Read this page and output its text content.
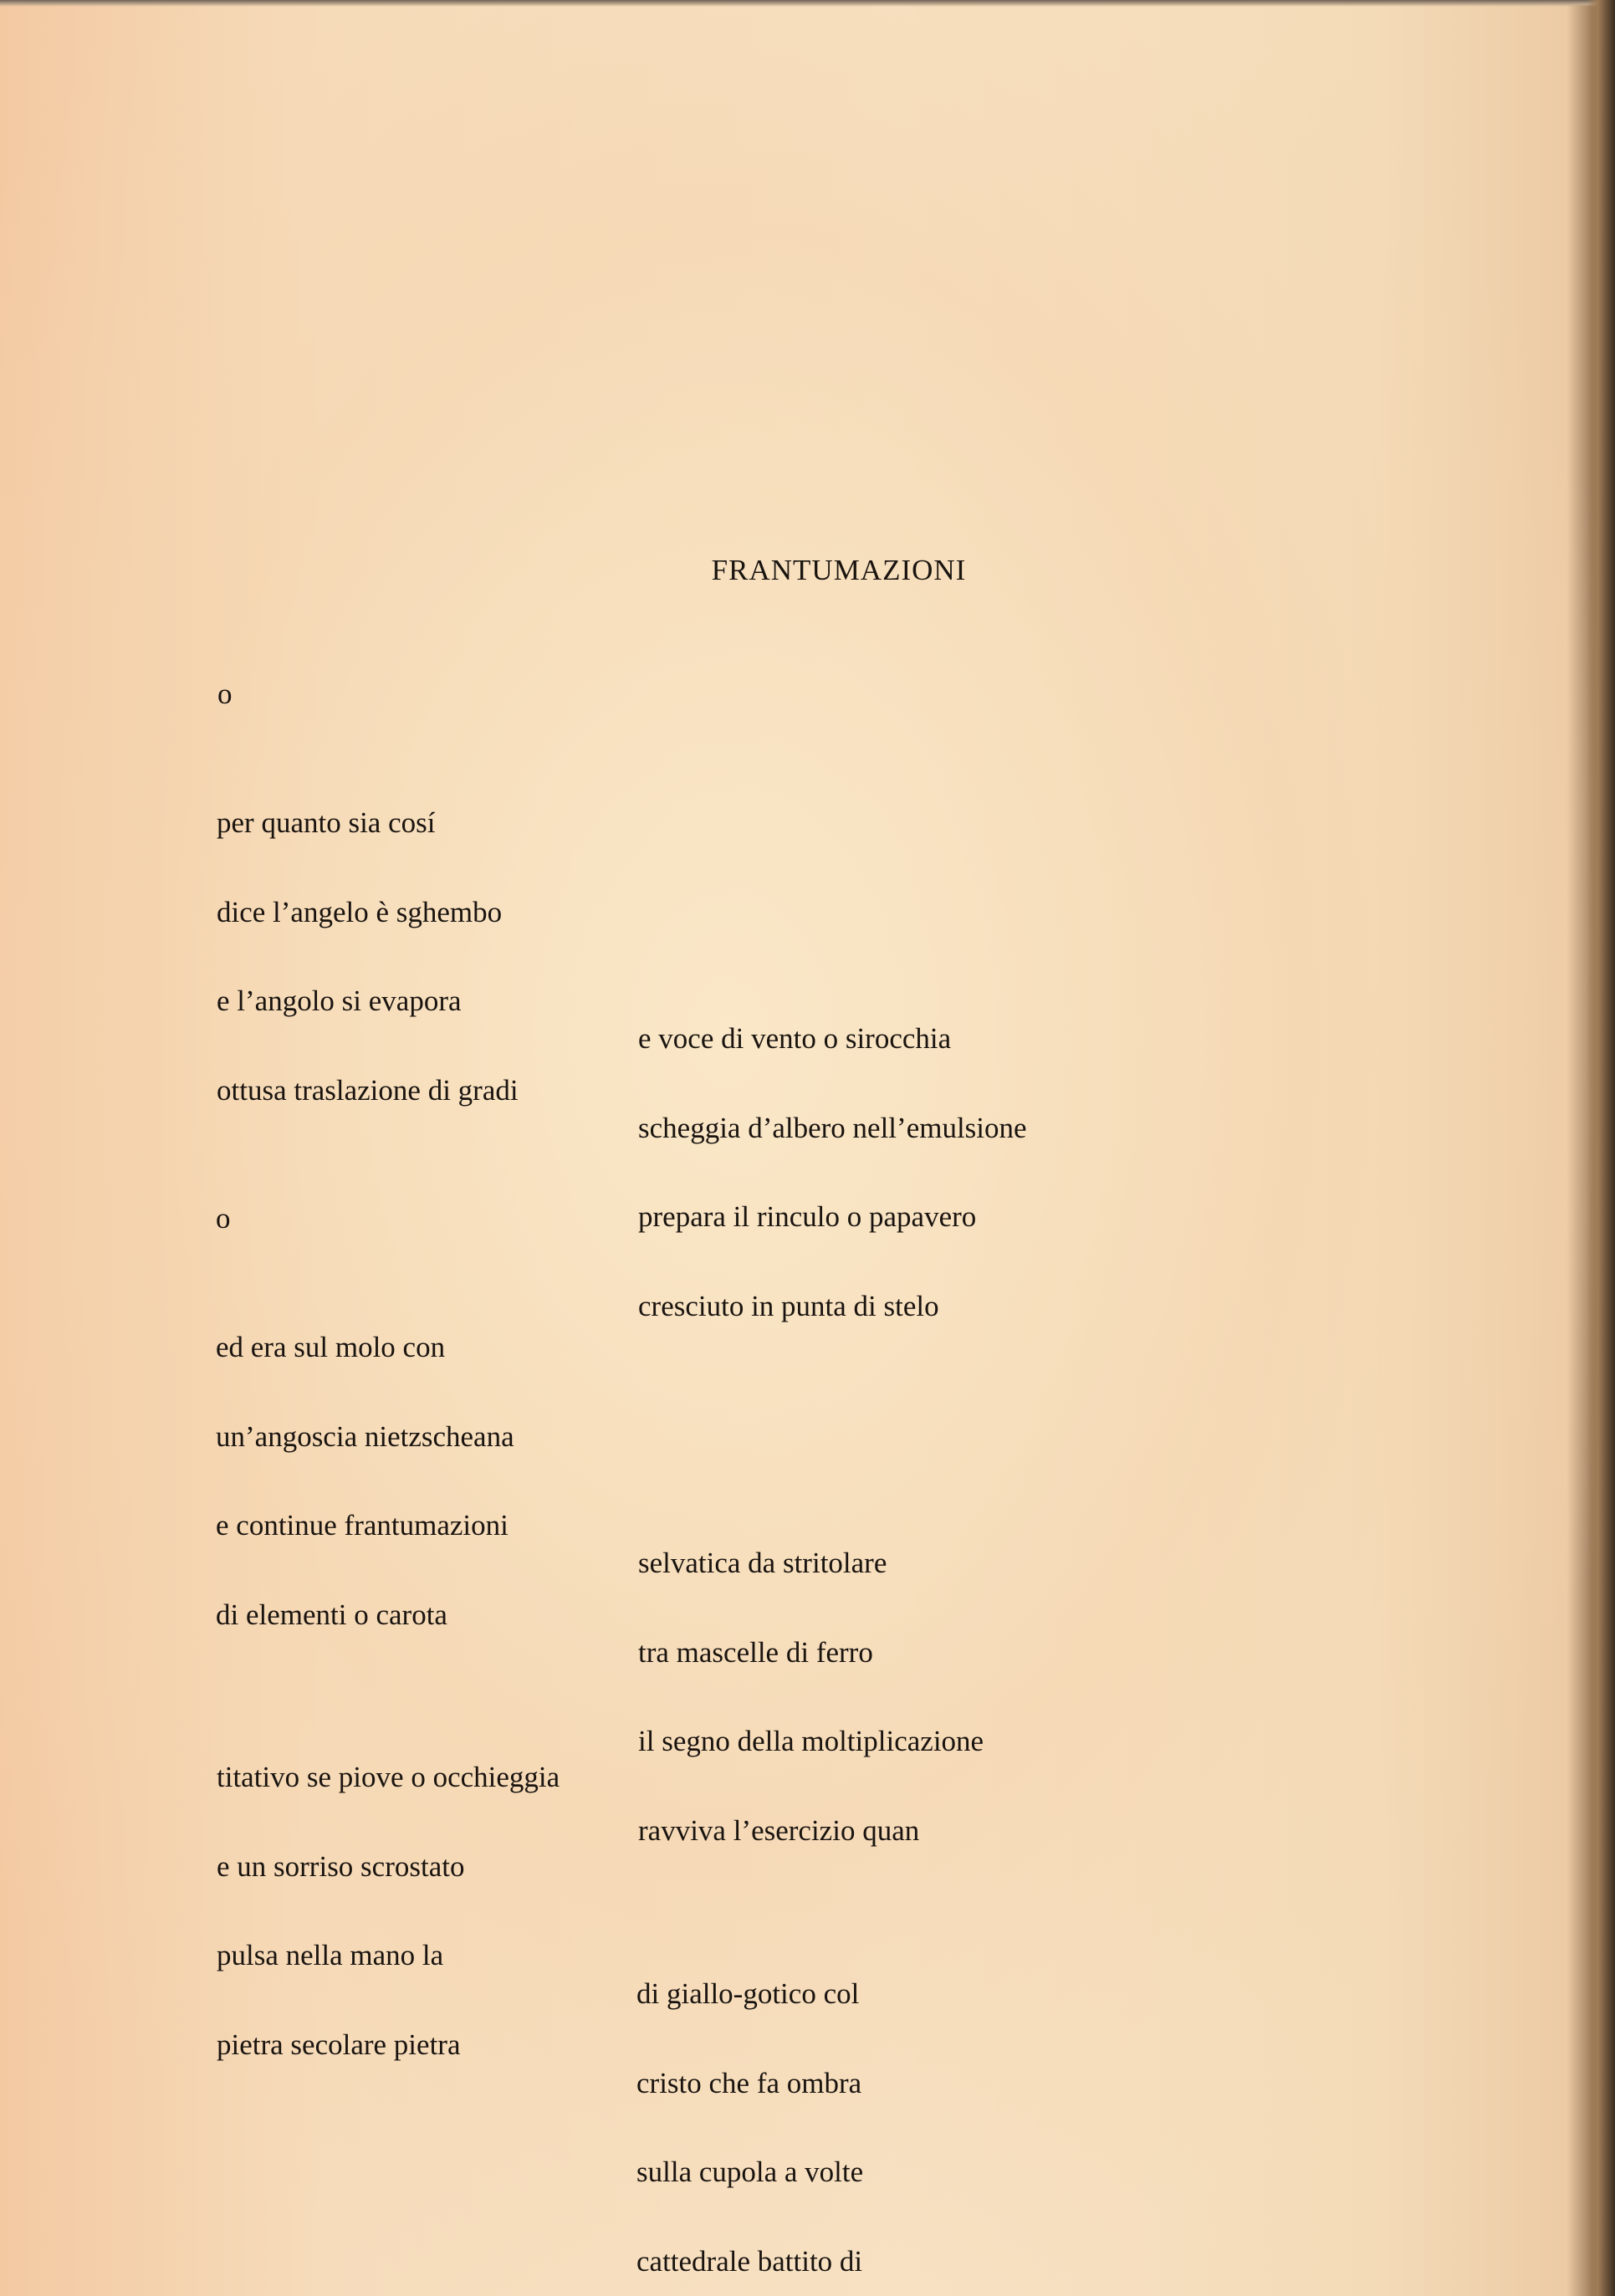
FRANTUMAZIONI
o

per quanto sia cosí

dice l’angelo è sghembo

e l’angolo si evapora

ottusa traslazione di gradi

e voce di vento o sirocchia

scheggia d’albero nell’emulsione

prepara il rinculo o papavero

cresciuto in punta di stelo

o

ed era sul molo con

un’angoscia nietzscheana

e continue frantumazioni

di elementi o carota

selvatica da stritolare

tra mascelle di ferro

il segno della moltiplicazione

ravviva l’esercizio quan

titativo se piove o occhieggia

e un sorriso scrostato

pulsa nella mano la

pietra secolare pietra

di giallo-gotico col

cristo che fa ombra

sulla cupola a volte

cattedrale battito di
